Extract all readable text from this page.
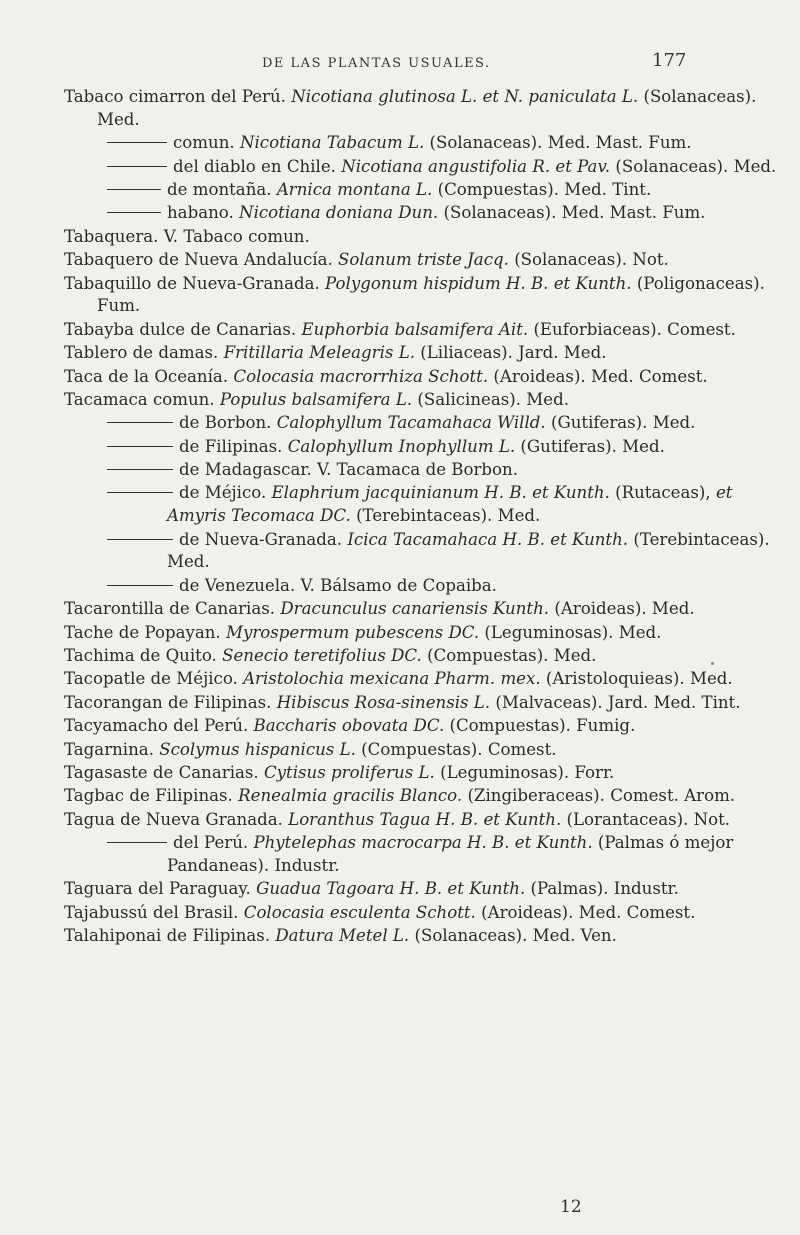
DE LAS PLANTAS USUALES.	177
Tabaco cimarron del Perú. Nicotiana glutinosa L. et N. paniculata L. (Solanaceas). Med.
comun. Nicotiana Tabacum L. (Solanaceas). Med. Mast. Fum.
del diablo en Chile. Nicotiana angustifolia R. et Pav. (Solanaceas). Med.
de montaña. Arnica montana L. (Compuestas). Med. Tint.
habano. Nicotiana doniana Dun. (Solanaceas). Med. Mast. Fum.
Tabaquera. V. Tabaco comun.
Tabaquero de Nueva Andalucía. Solanum triste Jacq. (Solanaceas). Not.
Tabaquillo de Nueva-Granada. Polygonum hispidum H. B. et Kunth. (Poligonaceas). Fum.
Tabayba dulce de Canarias. Euphorbia balsamifera Ait. (Euforbiaceas). Comest.
Tablero de damas. Fritillaria Meleagris L. (Liliaceas). Jard. Med.
Taca de la Oceanía. Colocasia macrorrhiza Schott. (Aroideas). Med. Comest.
Tacamaca comun. Populus balsamifera L. (Salicineas). Med.
de Borbon. Calophyllum Tacamahaca Willd. (Gutiferas). Med.
de Filipinas. Calophyllum Inophyllum L. (Gutiferas). Med.
de Madagascar. V. Tacamaca de Borbon.
de Méjico. Elaphrium jacquinianum H. B. et Kunth. (Rutaceas), et Amyris Tecomaca DC. (Terebintaceas). Med.
de Nueva-Granada. Icica Tacamahaca H. B. et Kunth. (Terebintaceas). Med.
de Venezuela. V. Bálsamo de Copaiba.
Tacarontilla de Canarias. Dracunculus canariensis Kunth. (Aroideas). Med.
Tache de Popayan. Myrospermum pubescens DC. (Leguminosas). Med.
Tachima de Quito. Senecio teretifolius DC. (Compuestas). Med.
Tacopatle de Méjico. Aristolochia mexicana Pharm. mex. (Aristoloquieas). Med.
Tacorangan de Filipinas. Hibiscus Rosa-sinensis L. (Malvaceas). Jard. Med. Tint.
Tacyamacho del Perú. Baccharis obovata DC. (Compuestas). Fumig.
Tagarnina. Scolymus hispanicus L. (Compuestas). Comest.
Tagasaste de Canarias. Cytisus proliferus L. (Leguminosas). Forr.
Tagbac de Filipinas. Renealmia gracilis Blanco. (Zingiberaceas). Comest. Arom.
Tagua de Nueva Granada. Loranthus Tagua H. B. et Kunth. (Lorantaceas). Not.
del Perú. Phytelephas macrocarpa H. B. et Kunth. (Palmas ó mejor Pandaneas). Industr.
Taguara del Paraguay. Guadua Tagoara H. B. et Kunth. (Palmas). Industr.
Tajabussú del Brasil. Colocasia esculenta Schott. (Aroideas). Med. Comest.
Talahiponai de Filipinas. Datura Metel L. (Solanaceas). Med. Ven.
12
